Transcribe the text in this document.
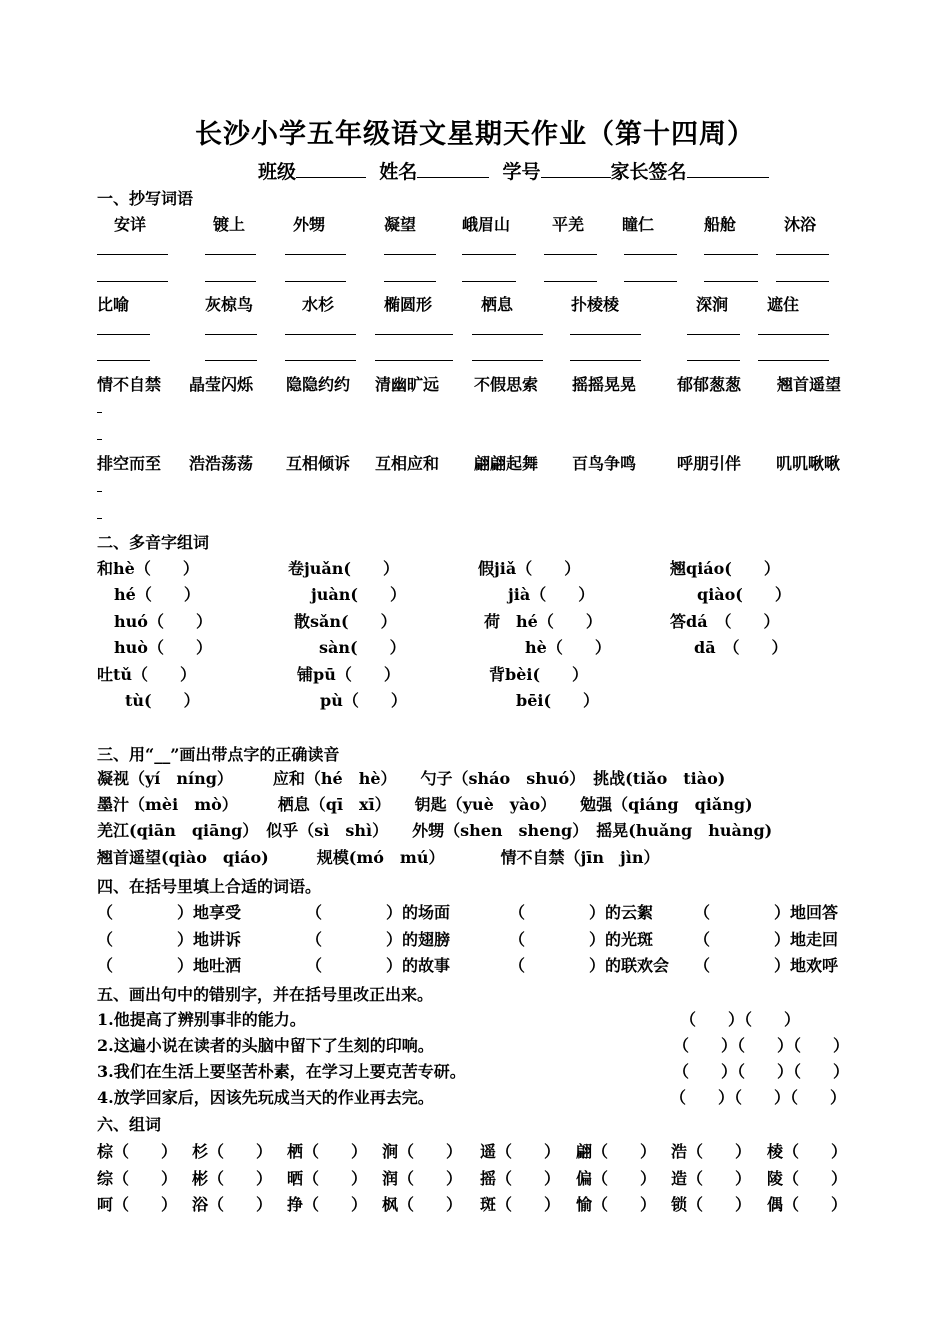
长沙小学五年级语文星期天作业（第十四周）
班级	姓名	学号	家长签名
一、抄写词语
安详	镀上	外甥	凝望	峨眉山	平羌 瞳仁	船舱	沐浴
比喻	灰椋鸟	水杉	椭圆形	栖息	扑棱棱	深涧 遮住
情不自禁 晶莹闪烁 隐隐约约 清幽旷远 不假思索 摇摇晃晃	郁郁葱葱 翘首遥望
排空而至 浩浩荡荡 互相倾诉 互相应和 翩翩起舞 百鸟争鸣	呼朋引伴 叽叽啾啾
二、多音字组词
和hè（　　）	卷juǎn(　　）	假jiǎ（　　）	翘qiáo(　　）
hé（　　）	juàn(　　）	jià（　　）	qiào(　　）
huó（　　）	散sǎn(　　）	荷　hé（　　）	答dá　（　　）
huò（　　）	sàn(　　）	hè（　　）	dā　（　　）
吐tǔ（　　）	铺pū（　　）	背bèi(　　）
tù(　　）	pù（　　）	bēi(　　）
三、用“__”画出带点字的正确读音
凝视（yí　níng）　　　应和（hé　hè）　　勺子（sháo　shuó）　挑战(tiǎo　tiào)
墨汁（mèi　mò）　　　栖息（qī　xī）　　钥匙（yuè　yào）　　勉强（qiáng　qiǎng)
羌江(qiān　qiāng）　似乎（sì　shì）　　外甥（shen　sheng）　摇晃(huǎng　huàng)
翘首遥望(qiào　qiáo)　　　规模(mó　mú）　　　　情不自禁（jīn　jìn）
四、在括号里填上合适的词语。
（　　　　）地享受	（　　　　）的场面	（　　　　）的云絮	（　　　　）地回答
（　　　　）地讲诉	（　　　　）的翅膀	（　　　　）的光斑	（　　　　）地走回
（　　　　）地吐洒	（　　　　）的故事	（　　　　）的联欢会 （　　　　）地欢呼
五、画出句中的错别字，并在括号里改正出来。
1.他提高了辨别事非的能力。	（　　）（　　）
2.这遍小说在读者的头脑中留下了生刻的印响。	（　　）（　　）（　　）
3.我们在生活上要坚苦朴素，在学习上要克苦专研。	（　　）（　　）（　　）
4.放学回家后，因该先玩成当天的作业再去完。	（　　）（　　）（　　）
六、组词
棕（　　） 杉（　　） 栖（　　） 涧（　　） 遥（　　） 翩（　　） 浩（　　） 棱（　　）
综（　　） 彬（　　） 晒（　　） 润（　　） 摇（　　） 偏（　　） 造（　　） 陵（　　）
呵（　　） 浴（　　） 挣（　　） 枫（　　） 斑（　　） 愉（　　） 锁（　　） 偶（　　）
